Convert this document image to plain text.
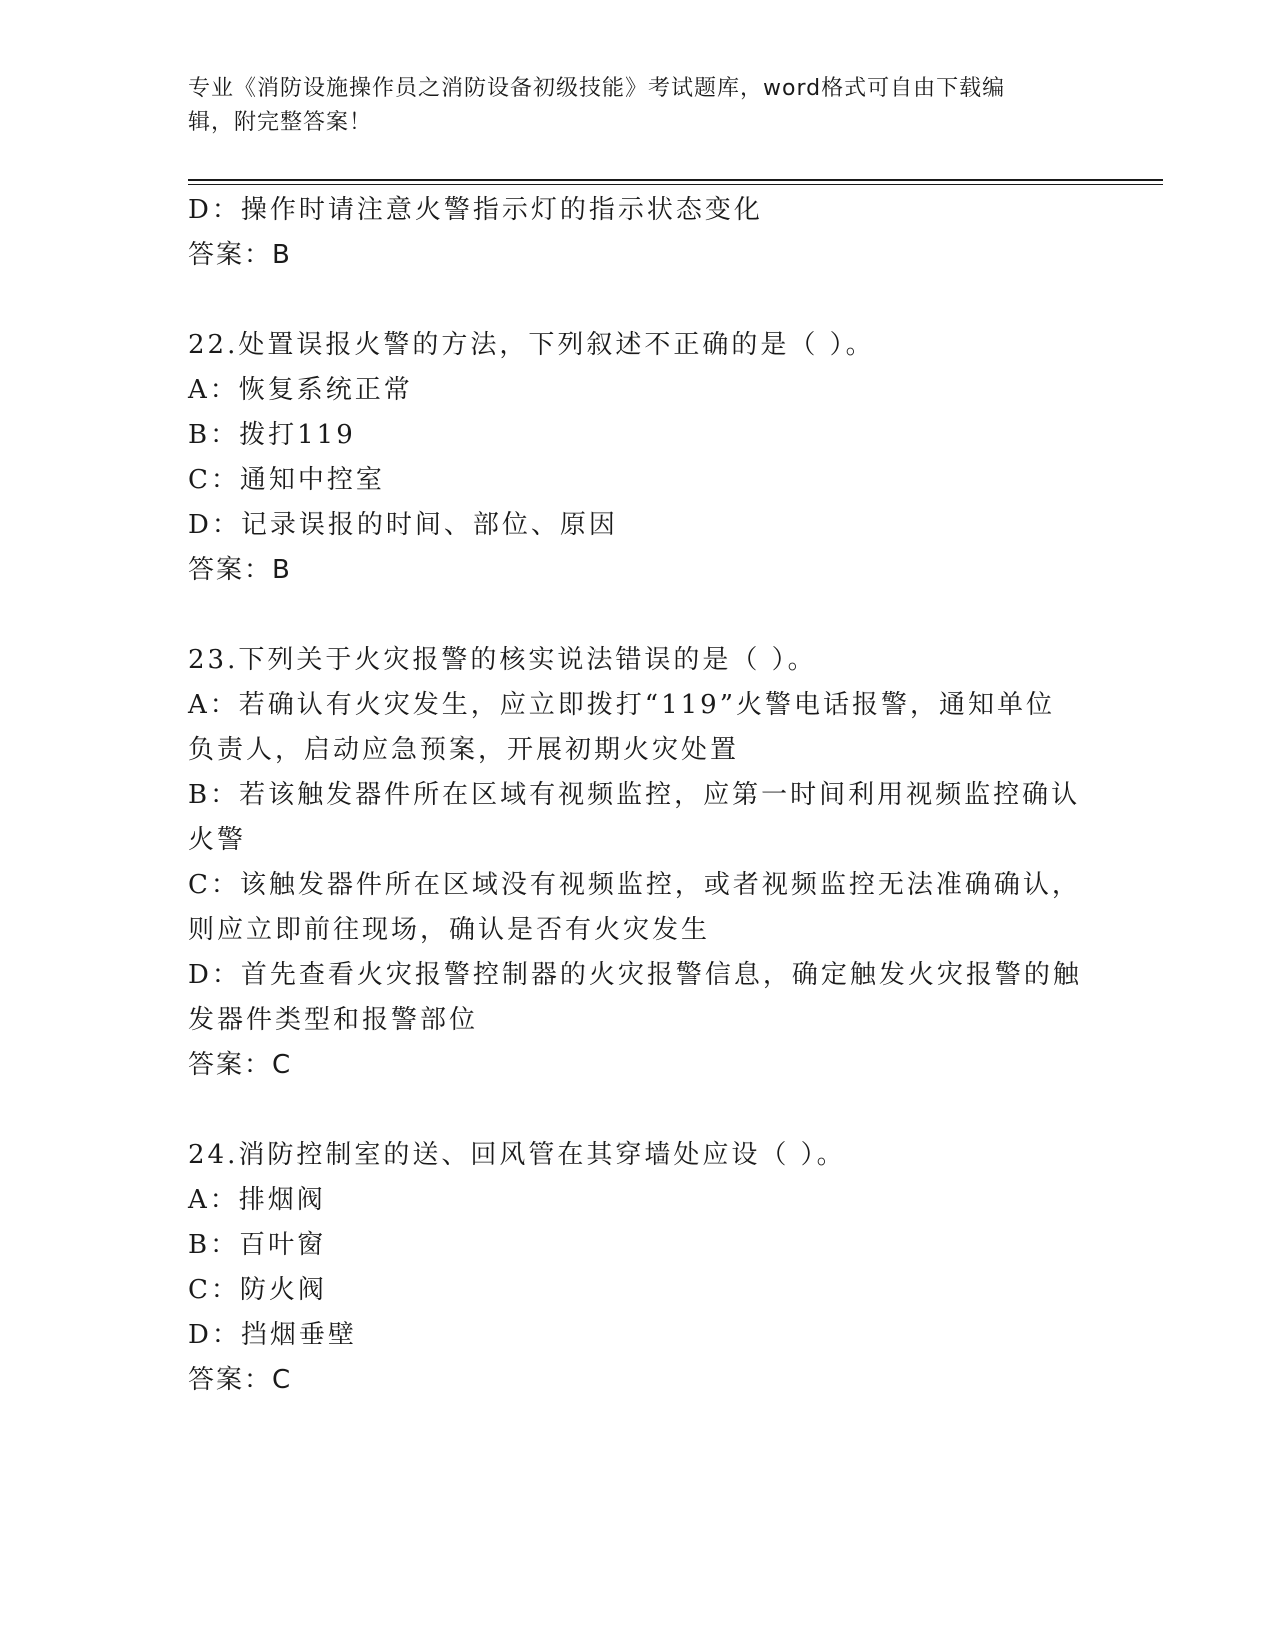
专业《消防设施操作员之消防设备初级技能》考试题库，word格式可自由下载编
辑，附完整答案！
D：操作时请注意火警指示灯的指示状态变化
答案：B
22.处置误报火警的方法，下列叙述不正确的是（ ）。
A：恢复系统正常
B：拨打119
C：通知中控室
D：记录误报的时间、部位、原因
答案：B
23.下列关于火灾报警的核实说法错误的是（ ）。
A：若确认有火灾发生，应立即拨打“119”火警电话报警，通知单位
负责人，启动应急预案，开展初期火灾处置
B：若该触发器件所在区域有视频监控，应第一时间利用视频监控确认
火警
C：该触发器件所在区域没有视频监控，或者视频监控无法准确确认，
则应立即前往现场，确认是否有火灾发生
D：首先查看火灾报警控制器的火灾报警信息，确定触发火灾报警的触
发器件类型和报警部位
答案：C
24.消防控制室的送、回风管在其穿墙处应设（ ）。
A：排烟阀
B：百叶窗
C：防火阀
D：挡烟垂壁
答案：C
